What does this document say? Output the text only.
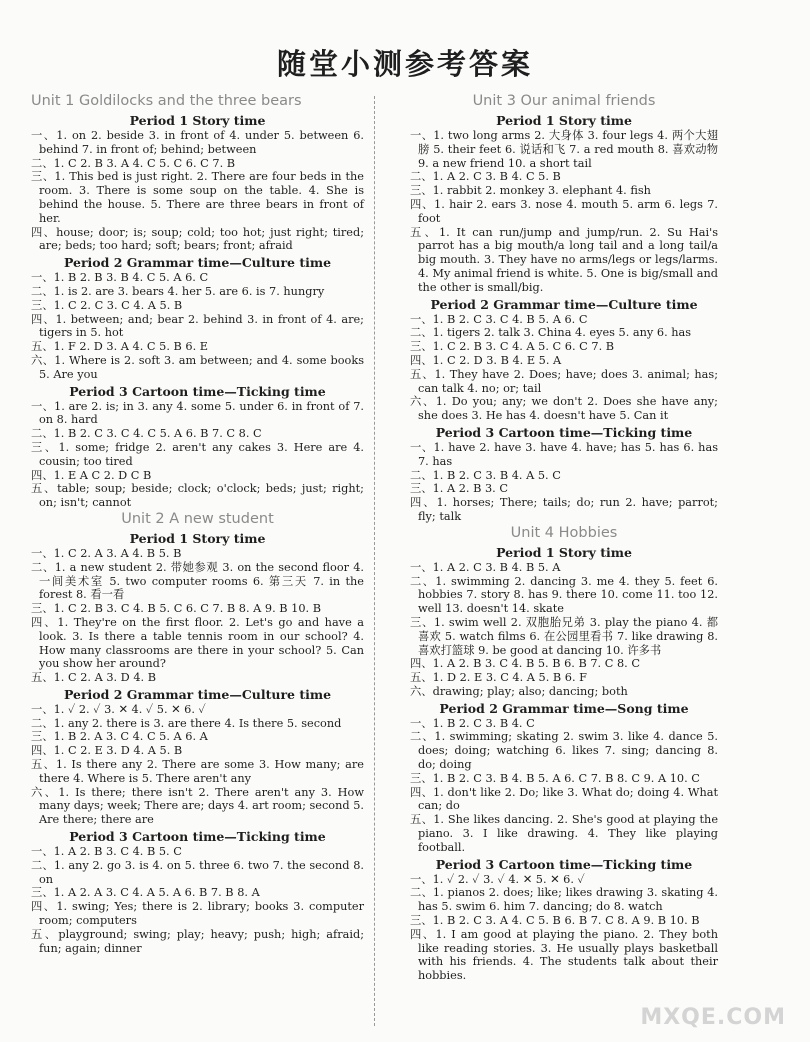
随堂小测参考答案
Unit 1 Goldilocks and the three bears
Period 1 Story time
一、1. on 2. beside 3. in front of 4. under 5. between 6. behind 7. in front of; behind; between
二、1. C 2. B 3. A 4. C 5. C 6. C 7. B
三、1. This bed is just right. 2. There are four beds in the room. 3. There is some soup on the table. 4. She is behind the house. 5. There are three bears in front of her.
四、house; door; is; soup; cold; too hot; just right; tired; are; beds; too hard; soft; bears; front; afraid
Period 2 Grammar time—Culture time
一、1. B 2. B 3. B 4. C 5. A 6. C
二、1. is 2. are 3. bears 4. her 5. are 6. is 7. hungry
三、1. C 2. C 3. C 4. A 5. B
四、1. between; and; bear 2. behind 3. in front of 4. are; tigers in 5. hot
五、1. F 2. D 3. A 4. C 5. B 6. E
六、1. Where is 2. soft 3. am between; and 4. some books 5. Are you
Period 3 Cartoon time—Ticking time
一、1. are 2. is; in 3. any 4. some 5. under 6. in front of 7. on 8. hard
二、1. B 2. C 3. C 4. C 5. A 6. B 7. C 8. C
三、1. some; fridge 2. aren't any cakes 3. Here are 4. cousin; too tired
四、1. E A C 2. D C B
五、table; soup; beside; clock; o'clock; beds; just; right; on; isn't; cannot
Unit 2 A new student
Period 1 Story time
一、1. C 2. A 3. A 4. B 5. B
二、1. a new student 2. 带她参观 3. on the second floor 4. 一间美术室 5. two computer rooms 6. 第三天 7. in the forest 8. 看一看
三、1. C 2. B 3. C 4. B 5. C 6. C 7. B 8. A 9. B 10. B
四、1. They're on the first floor. 2. Let's go and have a look. 3. Is there a table tennis room in our school? 4. How many classrooms are there in your school? 5. Can you show her around?
五、1. C 2. A 3. D 4. B
Period 2 Grammar time—Culture time
一、1. ✓ 2. ✓ 3. ✕ 4. ✓ 5. ✕ 6. ✓
二、1. any 2. there is 3. are there 4. Is there 5. second
三、1. B 2. A 3. C 4. C 5. A 6. A
四、1. C 2. E 3. D 4. A 5. B
五、1. Is there any 2. There are some 3. How many; are there 4. Where is 5. There aren't any
六、1. Is there; there isn't 2. There aren't any 3. How many days; week; There are; days 4. art room; second 5. Are there; there are
Period 3 Cartoon time—Ticking time
一、1. A 2. B 3. C 4. B 5. C
二、1. any 2. go 3. is 4. on 5. three 6. two 7. the second 8. on
三、1. A 2. A 3. C 4. A 5. A 6. B 7. B 8. A
四、1. swing; Yes; there is 2. library; books 3. computer room; computers
五、playground; swing; play; heavy; push; high; afraid; fun; again; dinner
Unit 3 Our animal friends
Period 1 Story time
一、1. two long arms 2. 大身体 3. four legs 4. 两个大翅膀 5. their feet 6. 说话和飞 7. a red mouth 8. 喜欢动物 9. a new friend 10. a short tail
二、1. A 2. C 3. B 4. C 5. B
三、1. rabbit 2. monkey 3. elephant 4. fish
四、1. hair 2. ears 3. nose 4. mouth 5. arm 6. legs 7. foot
五、1. It can run/jump and jump/run. 2. Su Hai's parrot has a big mouth/a long tail and a long tail/a big mouth. 3. They have no arms/legs or legs/larms. 4. My animal friend is white. 5. One is big/small and the other is small/big.
Period 2 Grammar time—Culture time
一、1. B 2. C 3. C 4. B 5. A 6. C
二、1. tigers 2. talk 3. China 4. eyes 5. any 6. has
三、1. C 2. B 3. C 4. A 5. C 6. C 7. B
四、1. C 2. D 3. B 4. E 5. A
五、1. They have 2. Does; have; does 3. animal; has; can talk 4. no; or; tail
六、1. Do you; any; we don't 2. Does she have any; she does 3. He has 4. doesn't have 5. Can it
Period 3 Cartoon time—Ticking time
一、1. have 2. have 3. have 4. have; has 5. has 6. has 7. has
二、1. B 2. C 3. B 4. A 5. C
三、1. A 2. B 3. C
四、1. horses; There; tails; do; run 2. have; parrot; fly; talk
Unit 4 Hobbies
Period 1 Story time
一、1. A 2. C 3. B 4. B 5. A
二、1. swimming 2. dancing 3. me 4. they 5. feet 6. hobbies 7. story 8. has 9. there 10. come 11. too 12. well 13. doesn't 14. skate
三、1. swim well 2. 双胞胎兄弟 3. play the piano 4. 都喜欢 5. watch films 6. 在公园里看书 7. like drawing 8. 喜欢打篮球 9. be good at dancing 10. 许多书
四、1. A 2. B 3. C 4. B 5. B 6. B 7. C 8. C
五、1. D 2. E 3. C 4. A 5. B 6. F
六、drawing; play; also; dancing; both
Period 2 Grammar time—Song time
一、1. B 2. C 3. B 4. C
二、1. swimming; skating 2. swim 3. like 4. dance 5. does; doing; watching 6. likes 7. sing; dancing 8. do; doing
三、1. B 2. C 3. B 4. B 5. A 6. C 7. B 8. C 9. A 10. C
四、1. don't like 2. Do; like 3. What do; doing 4. What can; do
五、1. She likes dancing. 2. She's good at playing the piano. 3. I like drawing. 4. They like playing football.
Period 3 Cartoon time—Ticking time
一、1. ✓ 2. ✓ 3. ✓ 4. ✕ 5. ✕ 6. ✓
二、1. pianos 2. does; like; likes drawing 3. skating 4. has 5. swim 6. him 7. dancing; do 8. watch
三、1. B 2. C 3. A 4. C 5. B 6. B 7. C 8. A 9. B 10. B
四、1. I am good at playing the piano. 2. They both like reading stories. 3. He usually plays basketball with his friends. 4. The students talk about their hobbies.
MXQE.COM
